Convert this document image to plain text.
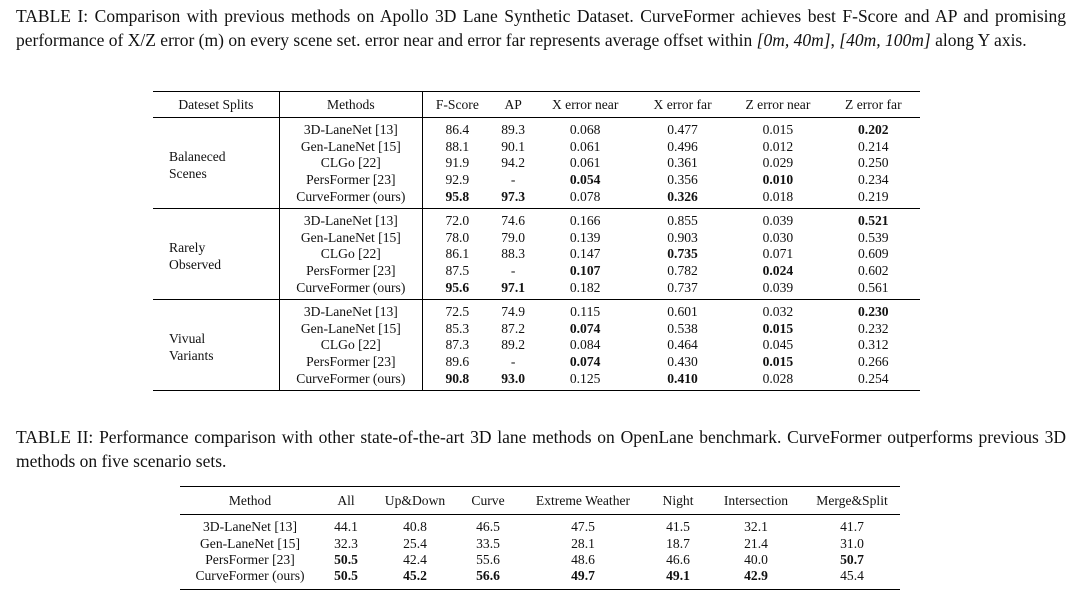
TABLE I: Comparison with previous methods on Apollo 3D Lane Synthetic Dataset. CurveFormer achieves best F-Score and AP and promising performance of X/Z error (m) on every scene set. error near and error far represents average offset within [0m, 40m], [40m, 100m] along Y axis.

Dateset Splits	Methods	F-Score	AP	X error near	X error far	Z error near	Z error far

Balaneced
Scenes	3D-LaneNet [13]	86.4	89.3	0.068	0.477	0.015	0.202
	Gen-LaneNet [15]	88.1	90.1	0.061	0.496	0.012	0.214
	CLGo [22]	91.9	94.2	0.061	0.361	0.029	0.250
	PersFormer [23]	92.9	-	0.054	0.356	0.010	0.234
	CurveFormer (ours)	95.8	97.3	0.078	0.326	0.018	0.219

Rarely
Observed	3D-LaneNet [13]	72.0	74.6	0.166	0.855	0.039	0.521
	Gen-LaneNet [15]	78.0	79.0	0.139	0.903	0.030	0.539
	CLGo [22]	86.1	88.3	0.147	0.735	0.071	0.609
	PersFormer [23]	87.5	-	0.107	0.782	0.024	0.602
	CurveFormer (ours)	95.6	97.1	0.182	0.737	0.039	0.561

Vivual
Variants	3D-LaneNet [13]	72.5	74.9	0.115	0.601	0.032	0.230
	Gen-LaneNet [15]	85.3	87.2	0.074	0.538	0.015	0.232
	CLGo [22]	87.3	89.2	0.084	0.464	0.045	0.312
	PersFormer [23]	89.6	-	0.074	0.430	0.015	0.266
	CurveFormer (ours)	90.8	93.0	0.125	0.410	0.028	0.254

TABLE II: Performance comparison with other state-of-the-art 3D lane methods on OpenLane benchmark. CurveFormer outperforms previous 3D methods on five scenario sets.

Method	All	Up&Down	Curve	Extreme Weather	Night	Intersection	Merge&Split
3D-LaneNet [13]	44.1	40.8	46.5	47.5	41.5	32.1	41.7
Gen-LaneNet [15]	32.3	25.4	33.5	28.1	18.7	21.4	31.0
PersFormer [23]	50.5	42.4	55.6	48.6	46.6	40.0	50.7
CurveFormer (ours)	50.5	45.2	56.6	49.7	49.1	42.9	45.4
